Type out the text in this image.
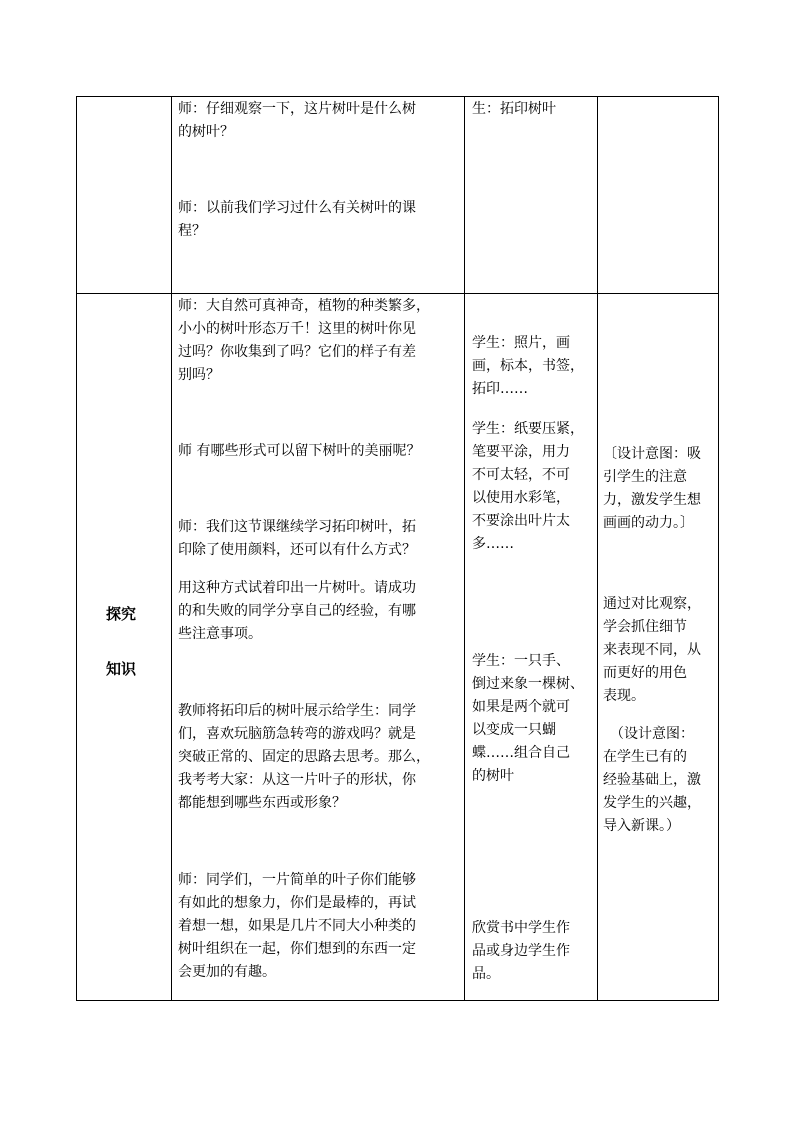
师：仔细观察一下，这片树叶是什么树
的树叶？
师：以前我们学习过什么有关树叶的课
程？
生：拓印树叶
探究
知识
师：大自然可真神奇，植物的种类繁多，
小小的树叶形态万千！这里的树叶你见
过吗？你收集到了吗？它们的样子有差
别吗？
师 有哪些形式可以留下树叶的美丽呢？
师：我们这节课继续学习拓印树叶，拓
印除了使用颜料，还可以有什么方式？
用这种方式试着印出一片树叶。请成功
的和失败的同学分享自己的经验，有哪
些注意事项。
教师将拓印后的树叶展示给学生：同学
们，喜欢玩脑筋急转弯的游戏吗？就是
突破正常的、固定的思路去思考。那么，
我考考大家：从这一片叶子的形状，你
都能想到哪些东西或形象？
师：同学们，一片简单的叶子你们能够
有如此的想象力，你们是最棒的，再试
着想一想，如果是几片不同大小种类的
树叶组织在一起，你们想到的东西一定
会更加的有趣。
学生：照片，画
画，标本，书签，
拓印……
学生：纸要压紧，
笔要平涂，用力
不可太轻，不可
以使用水彩笔，
不要涂出叶片太
多……
学生：一只手、
倒过来象一棵树、
如果是两个就可
以变成一只蝴
蝶……组合自己
的树叶
欣赏书中学生作
品或身边学生作
品。
〔设计意图：吸
引学生的注意
力，激发学生想
画画的动力。〕
通过对比观察，
学会抓住细节
来表现不同，从
而更好的用色
表现。
　（设计意图：
在学生已有的
经验基础上，激
发学生的兴趣，
导入新课。）
